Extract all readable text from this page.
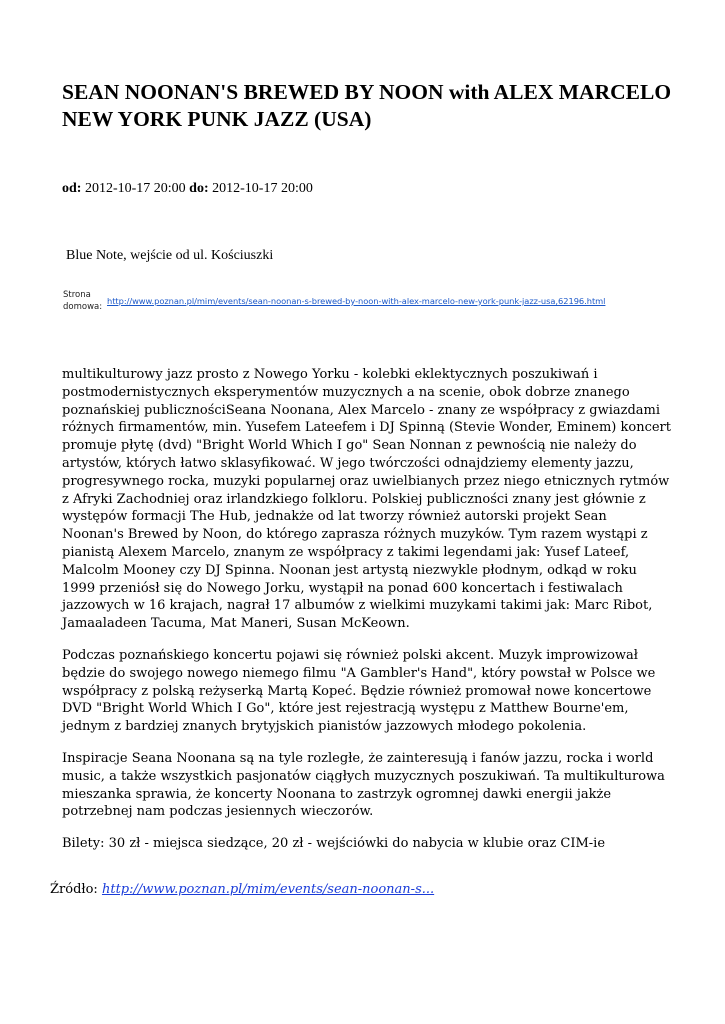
SEAN NOONAN'S BREWED BY NOON with ALEX MARCELO NEW YORK PUNK JAZZ (USA)
od: 2012-10-17 20:00 do: 2012-10-17 20:00
Blue Note, wejście od ul. Kościuszki
Strona domowa:
http://www.poznan.pl/mim/events/sean-noonan-s-brewed-by-noon-with-alex-marcelo-new-york-punk-jazz-usa,62196.html

multikulturowy jazz prosto z Nowego Yorku - kolebki eklektycznych poszukiwań i postmodernistycznych eksperymentów muzycznych a na scenie, obok dobrze znanego poznańskiej publicznościSeana Noonana, Alex Marcelo - znany ze współpracy z gwiazdami różnych firmamentów, min. Yusefem Lateefem i DJ Spinną (Stevie Wonder, Eminem) koncert promuje płytę (dvd) "Bright World Which I go" Sean Nonnan z pewnością nie należy do artystów, których łatwo sklasyfikować. W jego twórczości odnajdziemy elementy jazzu, progresywnego rocka, muzyki popularnej oraz uwielbianych przez niego etnicznych rytmów z Afryki Zachodniej oraz irlandzkiego folkloru. Polskiej publiczności znany jest głównie z występów formacji The Hub, jednakże od lat tworzy również autorski projekt Sean Noonan's Brewed by Noon, do którego zaprasza różnych muzyków. Tym razem wystąpi z pianistą Alexem Marcelo, znanym ze współpracy z takimi legendami jak: Yusef Lateef, Malcolm Mooney czy DJ Spinna. Noonan jest artystą niezwykle płodnym, odkąd w roku 1999 przeniósł się do Nowego Jorku, wystąpił na ponad 600 koncertach i festiwalach jazzowych w 16 krajach, nagrał 17 albumów z wielkimi muzykami takimi jak: Marc Ribot, Jamaaladeen Tacuma, Mat Maneri, Susan McKeown.

Podczas poznańskiego koncertu pojawi się również polski akcent. Muzyk improwizował będzie do swojego nowego niemego filmu "A Gambler's Hand", który powstał w Polsce we współpracy z polską reżyserką Martą Kopeć. Będzie również promował nowe koncertowe DVD "Bright World Which I Go", które jest rejestracją występu z Matthew Bourne'em, jednym z bardziej znanych brytyjskich pianistów jazzowych młodego pokolenia.

Inspiracje Seana Noonana są na tyle rozległe, że zainteresują i fanów jazzu, rocka i world music, a także wszystkich pasjonatów ciągłych muzycznych poszukiwań. Ta multikulturowa mieszanka sprawia, że koncerty Noonana to zastrzyk ogromnej dawki energii jakże potrzebnej nam podczas jesiennych wieczorów.

Bilety: 30 zł - miejsca siedzące, 20 zł - wejściówki do nabycia w klubie oraz CIM-ie

Źródło: http://www.poznan.pl/mim/events/sean-noonan-s...
